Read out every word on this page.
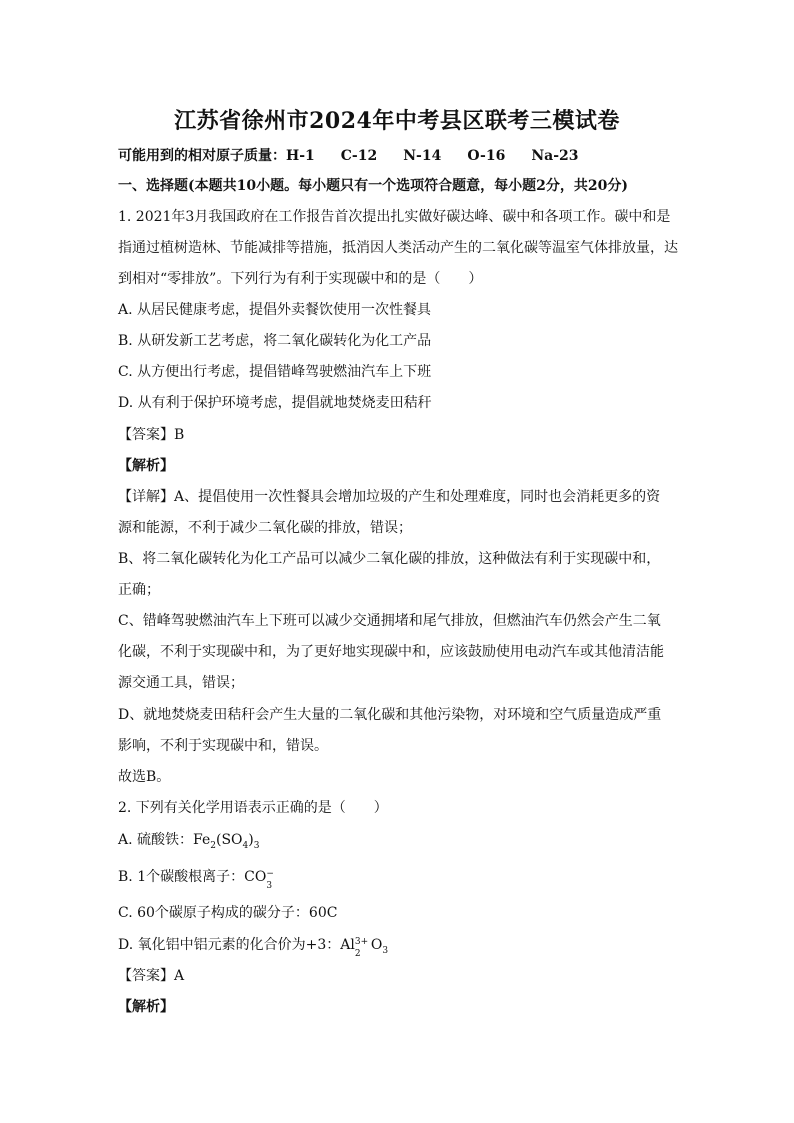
江苏省徐州市2024年中考县区联考三模试卷
可能用到的相对原子质量：H-1 C-12 N-14 O-16 Na-23
一、选择题(本题共10小题。每小题只有一个选项符合题意，每小题2分，共20分)
1. 2021年3月我国政府在工作报告首次提出扎实做好碳达峰、碳中和各项工作。碳中和是
指通过植树造林、节能减排等措施，抵消因人类活动产生的二氧化碳等温室气体排放量，达
到相对“零排放”。下列行为有利于实现碳中和的是（　　）
A. 从居民健康考虑，提倡外卖餐饮使用一次性餐具
B. 从研发新工艺考虑，将二氧化碳转化为化工产品
C. 从方便出行考虑，提倡错峰驾驶燃油汽车上下班
D. 从有利于保护环境考虑，提倡就地焚烧麦田秸秆
【答案】B
【解析】
【详解】A、提倡使用一次性餐具会增加垃圾的产生和处理难度，同时也会消耗更多的资
源和能源，不利于减少二氧化碳的排放，错误；
B、将二氧化碳转化为化工产品可以减少二氧化碳的排放，这种做法有利于实现碳中和，
正确；
C、错峰驾驶燃油汽车上下班可以减少交通拥堵和尾气排放，但燃油汽车仍然会产生二氧
化碳，不利于实现碳中和，为了更好地实现碳中和，应该鼓励使用电动汽车或其他清洁能
源交通工具，错误；
D、就地焚烧麦田秸秆会产生大量的二氧化碳和其他污染物，对环境和空气质量造成严重
影响，不利于实现碳中和，错误。
故选B。
2. 下列有关化学用语表示正确的是（　　）
A. 硫酸铁：$Fe_2(SO_4)_3$
B. 1个碳酸根离子：CO −
3
C. 60个碳原子构成的碳分子：60C
D. 氧化铝中铝元素的化合价为+3：Al 3+
2
$O_3$
【答案】A
【解析】
